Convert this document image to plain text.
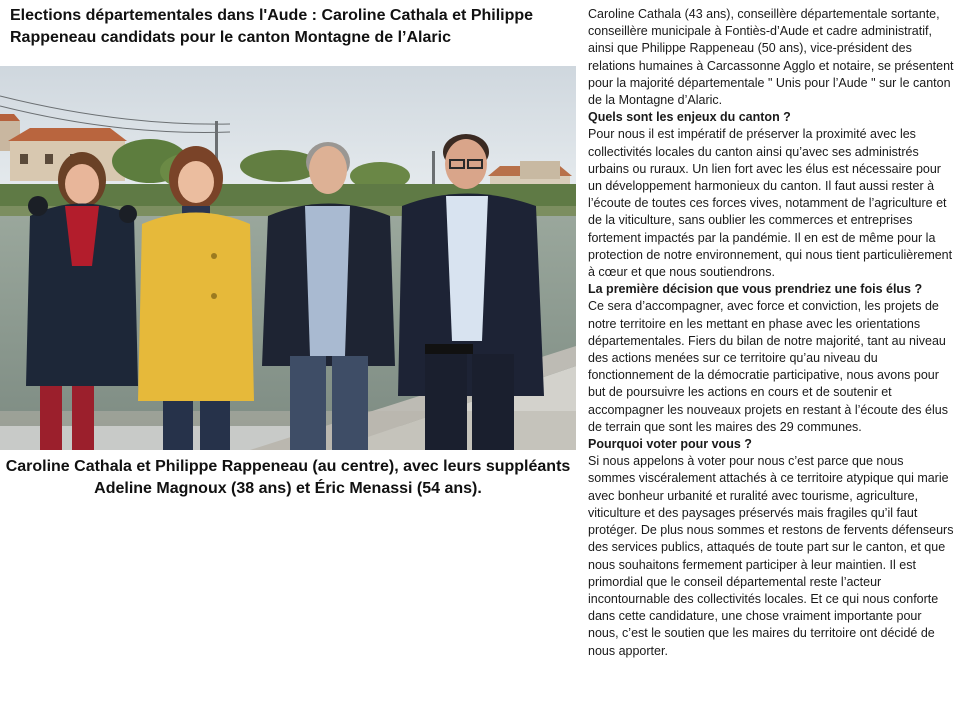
Elections départementales dans l'Aude : Caroline Cathala et Philippe Rappeneau candidats pour le canton Montagne de l’Alaric
Caroline Cathala et Philippe Rappeneau (au centre), avec leurs suppléants Adeline Magnoux (38 ans) et Éric Menassi (54 ans).

Caroline Cathala (43 ans), conseillère départementale sortante, conseillère municipale à Fontiès-d’Aude et cadre administratif, ainsi que Philippe Rappeneau (50 ans), vice-président des relations humaines à Carcassonne Agglo et notaire, se présentent pour la majorité départementale " Unis pour l’Aude " sur le canton de la Montagne d’Alaric.

Quels sont les enjeux du canton ?

Pour nous il est impératif de préserver la proximité avec les collectivités locales du canton ainsi qu’avec ses administrés urbains ou ruraux. Un lien fort avec les élus est nécessaire pour un développement harmonieux du canton. Il faut aussi rester à l’écoute de toutes ces forces vives, notamment de l’agriculture et de la viticulture, sans oublier les commerces et entreprises fortement impactés par la pandémie. Il en est de même pour la protection de notre environnement, qui nous tient particulièrement à cœur et que nous soutiendrons.

La première décision que vous prendriez une fois élus ?

Ce sera d’accompagner, avec force et conviction, les projets de notre territoire en les mettant en phase avec les orientations départementales. Fiers du bilan de notre majorité, tant au niveau des actions menées sur ce territoire qu’au niveau du fonctionnement de la démocratie participative, nous avons pour but de poursuivre les actions en cours et de soutenir et accompagner les nouveaux projets en restant à l’écoute des élus de terrain que sont les maires des 29 communes.

Pourquoi voter pour vous ?

Si nous appelons à voter pour nous c’est parce que nous sommes viscéralement attachés à ce territoire atypique qui marie avec bonheur urbanité et ruralité avec tourisme, agriculture, viticulture et des paysages préservés mais fragiles qu’il faut protéger. De plus nous sommes et restons de fervents défenseurs des services publics, attaqués de toute part sur le canton, et que nous souhaitons fermement participer à leur maintien. Il est primordial que le conseil départemental reste l’acteur incontournable des collectivités locales. Et ce qui nous conforte dans cette candidature, une chose vraiment importante pour nous, c’est le soutien que les maires du territoire ont décidé de nous apporter.
